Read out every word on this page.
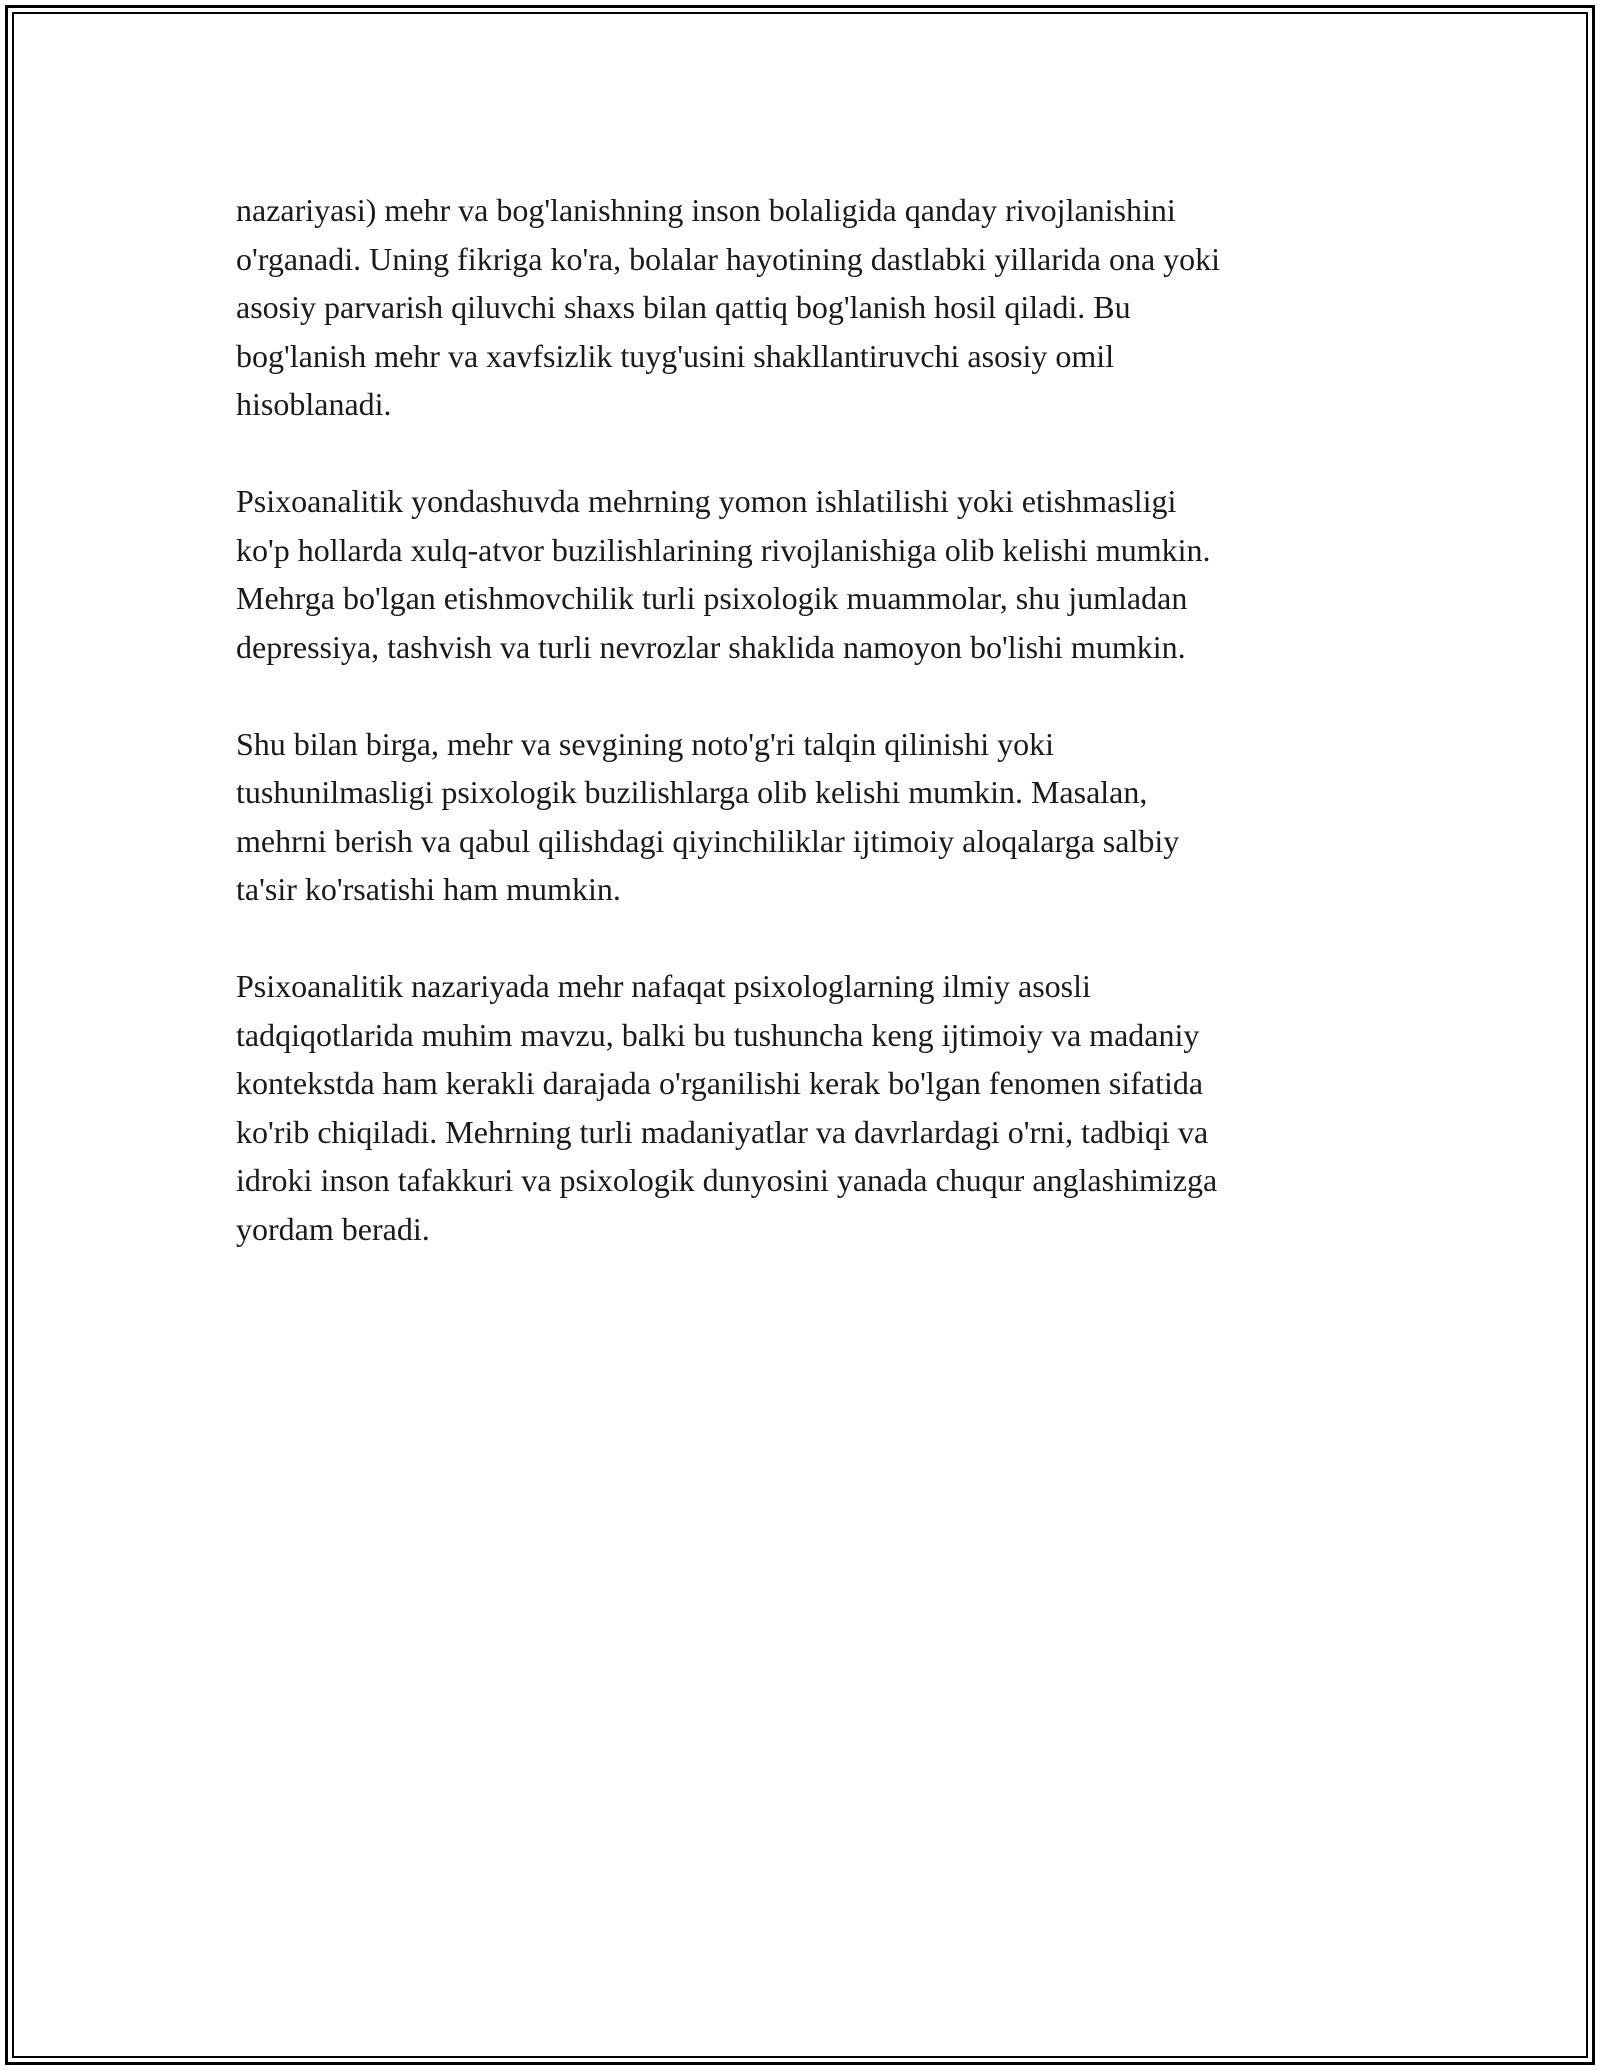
nazariyasi) mehr va bog'lanishning inson bolaligida qanday rivojlanishini
o'rganadi. Uning fikriga ko'ra, bolalar hayotining dastlabki yillarida ona yoki
asosiy parvarish qiluvchi shaxs bilan qattiq bog'lanish hosil qiladi. Bu
bog'lanish mehr va xavfsizlik tuyg'usini shakllantiruvchi asosiy omil
hisoblanadi.

Psixoanalitik yondashuvda mehrning yomon ishlatilishi yoki etishmasligi
ko'p hollarda xulq-atvor buzilishlarining rivojlanishiga olib kelishi mumkin.
Mehrga bo'lgan etishmovchilik turli psixologik muammolar, shu jumladan
depressiya, tashvish va turli nevrozlar shaklida namoyon bo'lishi mumkin.

Shu bilan birga, mehr va sevgining noto'g'ri talqin qilinishi yoki
tushunilmasligi psixologik buzilishlarga olib kelishi mumkin. Masalan,
mehrni berish va qabul qilishdagi qiyinchiliklar ijtimoiy aloqalarga salbiy
ta'sir ko'rsatishi ham mumkin.

Psixoanalitik nazariyada mehr nafaqat psixologlarning ilmiy asosli
tadqiqotlarida muhim mavzu, balki bu tushuncha keng ijtimoiy va madaniy
kontekstda ham kerakli darajada o'rganilishi kerak bo'lgan fenomen sifatida
ko'rib chiqiladi. Mehrning turli madaniyatlar va davrlardagi o'rni, tadbiqi va
idroki inson tafakkuri va psixologik dunyosini yanada chuqur anglashimizga
yordam beradi.
